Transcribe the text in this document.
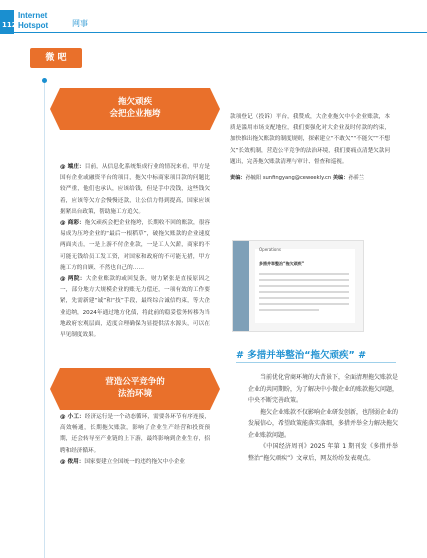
112
Internet
Hotspot	网事
微 吧
拖欠顽疾
会把企业拖垮

@ 端庄：目前，从信息化系统集成行业的情况来看，甲方是国有企业或融资平台的项目，拖欠中标商家项目款的问题比较严重，他们也承认，应该给钱，但是手中没钱，这些钱欠着，应该等欠方会慢慢还款，让公信力得到提高，国家应该据紧出台政策，帮助施工方追欠。

@ 商彩：拖欠顽疾会把企业拖垮，长期收不回的账款，很容易成为压垮企业的“最后一根稻草”，破拖欠账款的企业速度两面夹击，一是上游不付企业款，一是工人欠薪，商家的不可能无钱给员工发工资，对国家和政府的不可能无措，甲方施工方的自顾、不然也自己的……

@ 两院：大企业账款的或回复条，财力紧张是直接原因之一，部分地方大规模企业的账无力偿还，一项有效的工作要紧，先需新建“诚”和“技”手段，最终综合诚信约束，等大企业追纳，2024年通过地方化债，将此前的稳妥偿务转移为当地政府宏观层面，适度合理确保为显提供活水源头，可以在早见制度效果。

营造公平竞争的
法治环境

@ 小工：经济运行是一个动态循环，需要各环节有序连接，高效畅通，长期拖欠账款，影响了企业生产经营和投资预期，还会转导至产业链的上下游，最终影响到企业生存，招聘和经济循环。

@ 侬用：国家要建立全国统一的违约拖欠中小企业

款项登记（投诉）平台，我赞成，大企业拖欠中小企业账款，本质是滥用市场支配地位，我们要强化对大企业及时付款的约束，加快推出拖欠账款的制度规则，探索建立“不敢欠”“不能欠”“不想欠”长效机制，营造公平竞争的法治环境，我们要痛点清楚欠款问题出，完善拖欠账款清理与审计、督查和巡视。

责编：孙毓阳 sunfingyang@ceweekly.cn 美编：孙骄兰
Operations
多措并举整治“拖欠顽疾”
# 多措并举整治“拖欠顽疾” #

当前优化营商环境的大背景下，全面清理拖欠账款是企业的共同期盼，为了解决中小微企业的账款拖欠问题，中央不断完善政策。

拖欠企业账款不仅影响企业研发创新，也削弱企业的发展信心，希望政策能落实落细，多措并举全力解决拖欠企业账款问题。

《中国经济周刊》2025 年第 1 期刊发《多措并举整治“拖欠顽疾”》文章后，网友纷纷发表观点。
